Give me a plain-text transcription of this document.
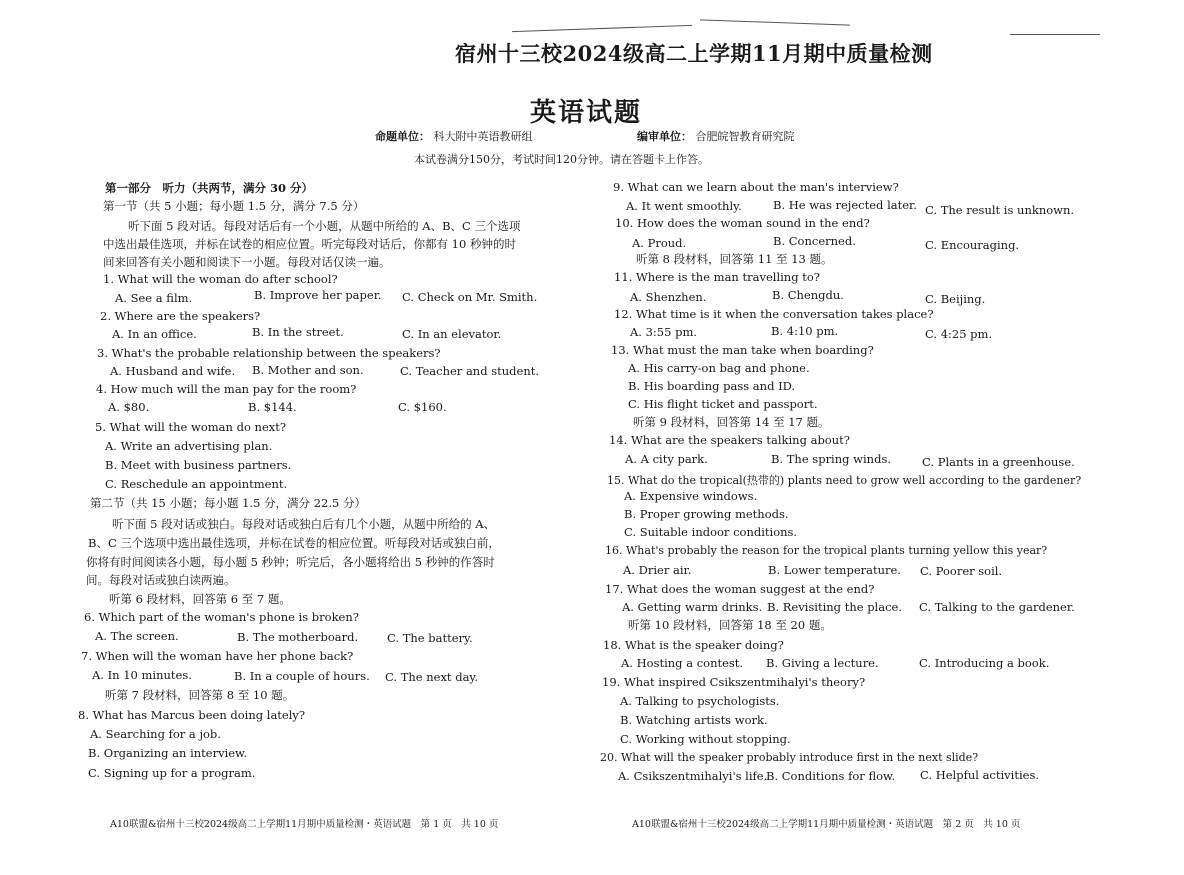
宿州十三校2024级高二上学期11月期中质量检测
英语试题
命题单位： 科大附中英语教研组	编审单位： 合肥皖智教育研究院
本试卷满分150分，考试时间120分钟。请在答题卡上作答。
第一部分　听力（共两节，满分 30 分）
第一节（共 5 小题；每小题 1.5 分，满分 7.5 分）
听下面 5 段对话。每段对话后有一个小题，从题中所给的 A、B、C 三个选项
中选出最佳选项，并标在试卷的相应位置。听完每段对话后，你都有 10 秒钟的时
间来回答有关小题和阅读下一小题。每段对话仅读一遍。
1. What will the woman do after school?
A. See a film.	B. Improve her paper. C. Check on Mr. Smith.
2. Where are the speakers?
A. In an office.	B. In the street.	C. In an elevator.
3. What's the probable relationship between the speakers?
A. Husband and wife. B. Mother and son.	C. Teacher and student.
4. How much will the man pay for the room?
A. $80.	B. $144.	C. $160.
5. What will the woman do next?
A. Write an advertising plan.
B. Meet with business partners.
C. Reschedule an appointment.
第二节（共 15 小题；每小题 1.5 分，满分 22.5 分）
听下面 5 段对话或独白。每段对话或独白后有几个小题，从题中所给的 A、
B、C 三个选项中选出最佳选项，并标在试卷的相应位置。听每段对话或独白前，
你将有时间阅读各小题，每小题 5 秒钟；听完后，各小题将给出 5 秒钟的作答时
间。每段对话或独白读两遍。
听第 6 段材料，回答第 6 至 7 题。
6. Which part of the woman's phone is broken?
A. The screen.	B. The motherboard.	C. The battery.
7. When will the woman have her phone back?
A. In 10 minutes.	B. In a couple of hours. C. The next day.
听第 7 段材料，回答第 8 至 10 题。
8. What has Marcus been doing lately?
A. Searching for a job.
B. Organizing an interview.
C. Signing up for a program.
A10联盟&宿州十三校2024级高二上学期11月期中质量检测・英语试题　第 1 页　共 10 页
9. What can we learn about the man's interview?
A. It went smoothly.	B. He was rejected later. C. The result is unknown.
10. How does the woman sound in the end?
A. Proud.	B. Concerned.	C. Encouraging.
听第 8 段材料，回答第 11 至 13 题。
11. Where is the man travelling to?
A. Shenzhen.	B. Chengdu.	C. Beijing.
12. What time is it when the conversation takes place?
A. 3:55 pm.	B. 4:10 pm.	C. 4:25 pm.
13. What must the man take when boarding?
A. His carry-on bag and phone.
B. His boarding pass and ID.
C. His flight ticket and passport.
听第 9 段材料，回答第 14 至 17 题。
14. What are the speakers talking about?
A. A city park.	B. The spring winds.	C. Plants in a greenhouse.
15. What do the tropical(热带的) plants need to grow well according to the gardener?
A. Expensive windows.
B. Proper growing methods.
C. Suitable indoor conditions.
16. What's probably the reason for the tropical plants turning yellow this year?
A. Drier air.	B. Lower temperature. C. Poorer soil.
17. What does the woman suggest at the end?
A. Getting warm drinks. B. Revisiting the place. C. Talking to the gardener.
听第 10 段材料，回答第 18 至 20 题。
18. What is the speaker doing?
A. Hosting a contest. B. Giving a lecture.	C. Introducing a book.
19. What inspired Csikszentmihalyi's theory?
A. Talking to psychologists.
B. Watching artists work.
C. Working without stopping.
20. What will the speaker probably introduce first in the next slide?
A. Csikszentmihalyi's life.
B. Conditions for flow. C. Helpful activities.
A10联盟&宿州十三校2024级高二上学期11月期中质量检测・英语试题　第 2 页　共 10 页
